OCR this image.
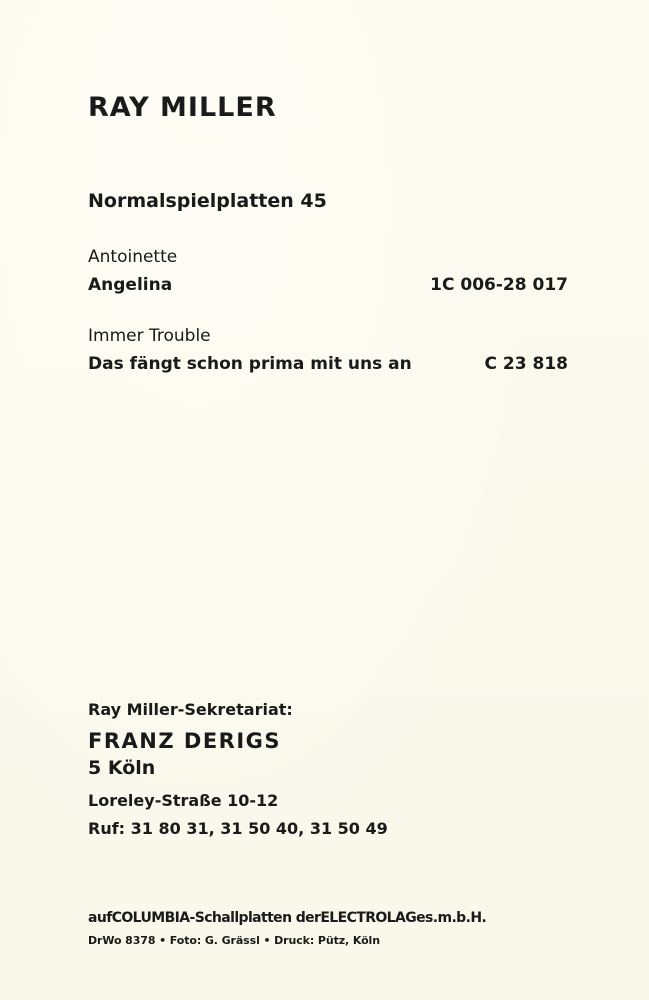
RAY MILLER
Normalspielplatten 45
Antoinette
Angelina	1C 006-28 017
Immer Trouble
Das fängt schon prima mit uns an	C 23 818
Ray Miller-Sekretariat:
FRANZ DERIGS
5 Köln
Loreley-Straße 10-12
Ruf: 31 80 31, 31 50 40, 31 50 49
aufCOLUMBIA-Schallplatten derELECTROLAGes.m.b.H.
DrWo 8378 • Foto: G. Grässl • Druck: Pütz, Köln
